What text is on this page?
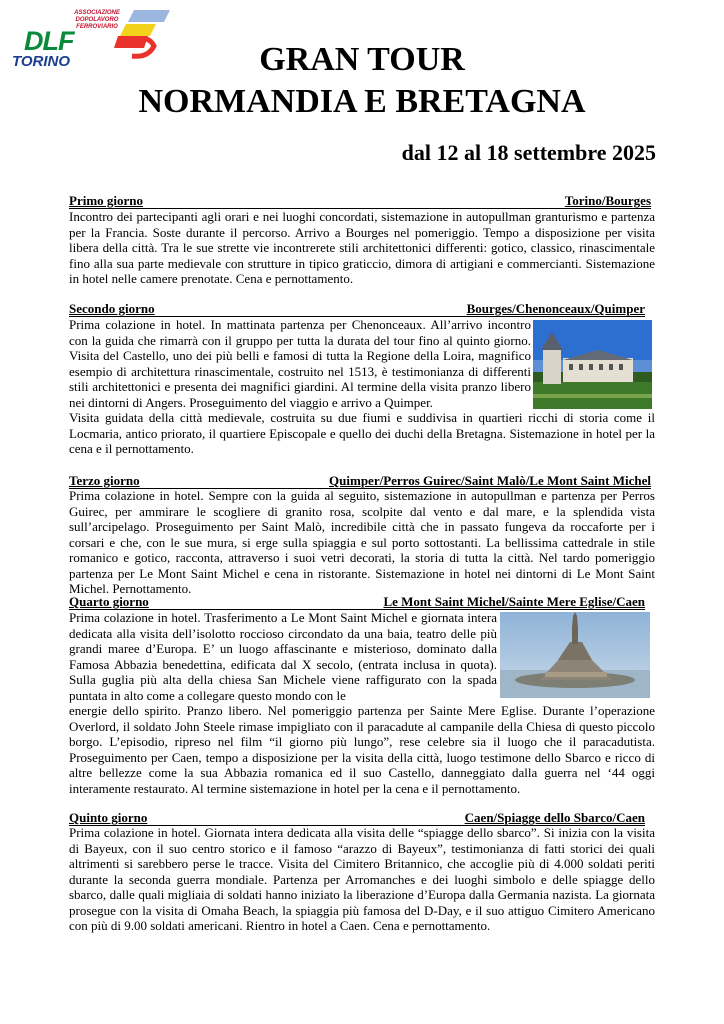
ASSOCIAZIONE
DOPOLAVORO
FERROVIARIO
DLF
TORINO	GRAN TOUR
NORMANDIA E BRETAGNA
dal 12 al 18 settembre 2025
Primo giorno	Torino/Bourges
Incontro dei partecipanti agli orari e nei luoghi concordati, sistemazione in autopullman granturismo e partenza per la Francia. Soste durante il percorso. Arrivo a Bourges nel pomeriggio. Tempo a disposizione per visita libera della città. Tra le sue strette vie incontrerete stili architettonici differenti: gotico, classico, rinascimentale fino alla sua parte medievale con strutture in tipico graticcio, dimora di artigiani e commercianti. Sistemazione in hotel nelle camere prenotate. Cena e pernottamento.
Secondo giorno	Bourges/Chenonceaux/Quimper
Prima colazione in hotel. In mattinata partenza per Chenonceaux. All’arrivo incontro con la guida che rimarrà con il gruppo per tutta la durata del tour fino al quinto giorno. Visita del Castello, uno dei più belli e famosi di tutta la Regione della Loira, magnifico esempio di architettura rinascimentale, costruito nel 1513, è testimonianza di differenti stili architettonici e presenta dei magnifici giardini. Al termine della visita pranzo libero nei dintorni di Angers. Proseguimento del viaggio e arrivo a Quimper.
Visita guidata della città medievale, costruita su due fiumi e suddivisa in quartieri ricchi di storia come il Locmaria, antico priorato, il quartiere Episcopale e quello dei duchi della Bretagna. Sistemazione in hotel per la cena e il pernottamento.
Terzo giorno	Quimper/Perros Guirec/Saint Malò/Le Mont Saint Michel
Prima colazione in hotel. Sempre con la guida al seguito, sistemazione in autopullman e partenza per Perros Guirec, per ammirare le scogliere di granito rosa, scolpite dal vento e dal mare, e la splendida vista sull’arcipelago. Proseguimento per Saint Malò, incredibile città che in passato fungeva da roccaforte per i corsari e che, con le sue mura, si erge sulla spiaggia e sul porto sottostanti. La bellissima cattedrale in stile romanico e gotico, racconta, attraverso i suoi vetri decorati, la storia di tutta la città. Nel tardo pomeriggio partenza per Le Mont Saint Michel e cena in ristorante. Sistemazione in hotel nei dintorni di Le Mont Saint Michel. Pernottamento.
Quarto giorno	Le Mont Saint Michel/Sainte Mere Eglise/Caen
Prima colazione in hotel. Trasferimento a Le Mont Saint Michel e giornata intera dedicata alla visita dell’isolotto roccioso circondato da una baia, teatro delle più grandi maree d’Europa. E’ un luogo affascinante e misterioso, dominato dalla Famosa Abbazia benedettina, edificata dal X secolo, (entrata inclusa in quota). Sulla guglia più alta della chiesa San Michele viene raffigurato con la spada puntata in alto come a collegare questo mondo con le
energie dello spirito. Pranzo libero. Nel pomeriggio partenza per Sainte Mere Eglise. Durante l’operazione Overlord, il soldato John Steele rimase impigliato con il paracadute al campanile della Chiesa di questo piccolo borgo. L’episodio, ripreso nel film “il giorno più lungo”, rese celebre sia il luogo che il paracadutista. Proseguimento per Caen, tempo a disposizione per la visita della città, luogo testimone dello Sbarco e ricco di altre bellezze come la sua Abbazia romanica ed il suo Castello, danneggiato dalla guerra nel ‘44 oggi interamente restaurato. Al termine sistemazione in hotel per la cena e il pernottamento.
Quinto giorno	Caen/Spiagge dello Sbarco/Caen
Prima colazione in hotel. Giornata intera dedicata alla visita delle “spiagge dello sbarco”. Si inizia con la visita di Bayeux, con il suo centro storico e il famoso “arazzo di Bayeux”, testimonianza di fatti storici dei quali altrimenti si sarebbero perse le tracce. Visita del Cimitero Britannico, che accoglie più di 4.000 soldati periti durante la seconda guerra mondiale. Partenza per Arromanches e dei luoghi simbolo e delle spiagge dello sbarco, dalle quali migliaia di soldati hanno iniziato la liberazione d’Europa dalla Germania nazista. La giornata prosegue con la visita di Omaha Beach, la spiaggia più famosa del D-Day, e il suo attiguo Cimitero Americano con più di 9.00 soldati americani. Rientro in hotel a Caen. Cena e pernottamento.
